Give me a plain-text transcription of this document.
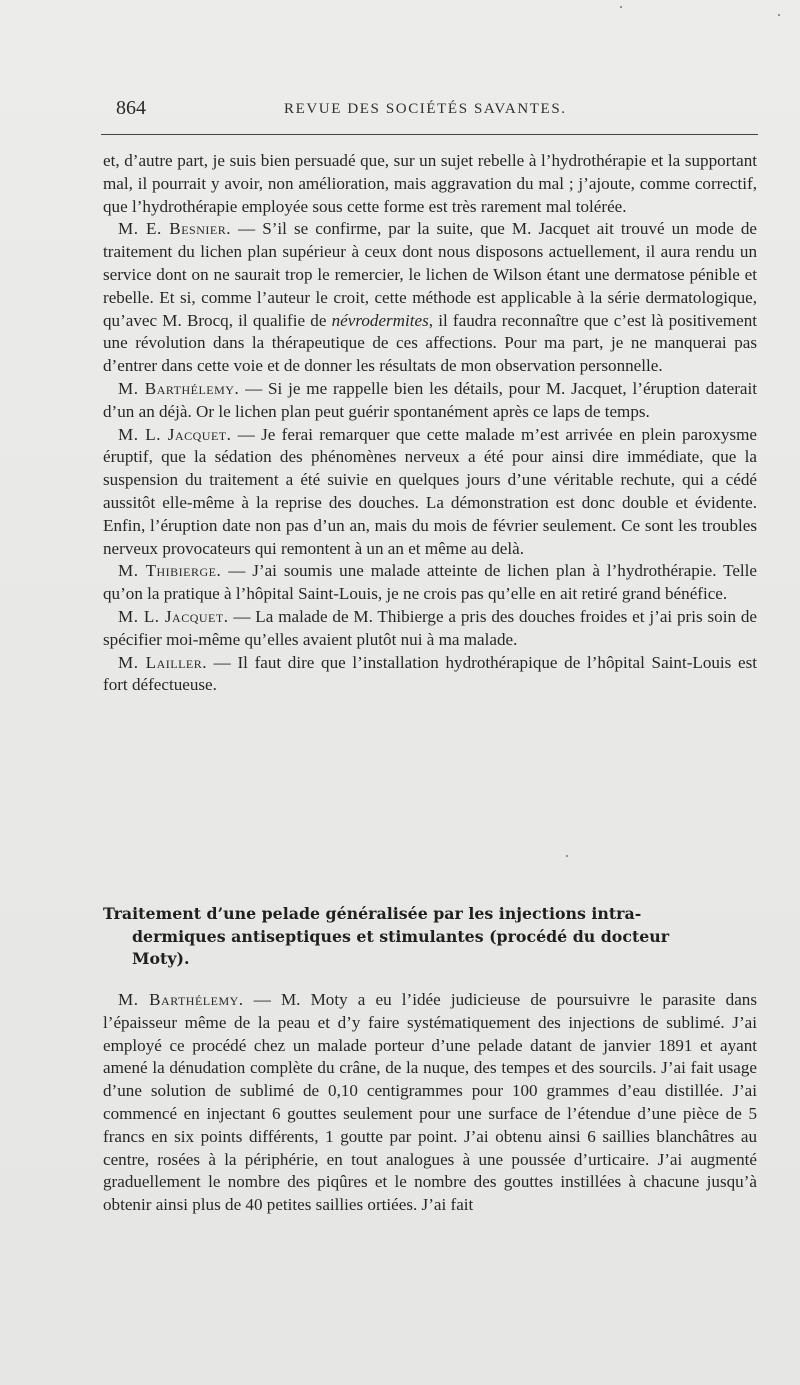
864	REVUE DES SOCIÉTÉS SAVANTES.

et, d’autre part, je suis bien persuadé que, sur un sujet rebelle à l’hydrothérapie et la supportant mal, il pourrait y avoir, non amélioration, mais aggravation du mal ; j’ajoute, comme correctif, que l’hydrothérapie employée sous cette forme est très rarement mal tolérée.

M. E. Besnier. — S’il se confirme, par la suite, que M. Jacquet ait trouvé un mode de traitement du lichen plan supérieur à ceux dont nous disposons actuellement, il aura rendu un service dont on ne saurait trop le remercier, le lichen de Wilson étant une dermatose pénible et rebelle. Et si, comme l’auteur le croit, cette méthode est applicable à la série dermatologique, qu’avec M. Brocq, il qualifie de névrodermites, il faudra reconnaître que c’est là positivement une révolution dans la thérapeutique de ces affections. Pour ma part, je ne manquerai pas d’entrer dans cette voie et de donner les résultats de mon observation personnelle.

M. Barthélemy. — Si je me rappelle bien les détails, pour M. Jacquet, l’éruption daterait d’un an déjà. Or le lichen plan peut guérir spontanément après ce laps de temps.

M. L. Jacquet. — Je ferai remarquer que cette malade m’est arrivée en plein paroxysme éruptif, que la sédation des phénomènes nerveux a été pour ainsi dire immédiate, que la suspension du traitement a été suivie en quelques jours d’une véritable rechute, qui a cédé aussitôt elle-même à la reprise des douches. La démonstration est donc double et évidente. Enfin, l’éruption date non pas d’un an, mais du mois de février seulement. Ce sont les troubles nerveux provocateurs qui remontent à un an et même au delà.

M. Thibierge. — J’ai soumis une malade atteinte de lichen plan à l’hydrothérapie. Telle qu’on la pratique à l’hôpital Saint-Louis, je ne crois pas qu’elle en ait retiré grand bénéfice.

M. L. Jacquet. — La malade de M. Thibierge a pris des douches froides et j’ai pris soin de spécifier moi-même qu’elles avaient plutôt nui à ma malade.

M. Lailler. — Il faut dire que l’installation hydrothérapique de l’hôpital Saint-Louis est fort défectueuse.

Traitement d’une pelade généralisée par les injections intra-
dermiques antiseptiques et stimulantes (procédé du docteur
Moty).

M. Barthélemy. — M. Moty a eu l’idée judicieuse de poursuivre le parasite dans l’épaisseur même de la peau et d’y faire systématiquement des injections de sublimé. J’ai employé ce procédé chez un malade porteur d’une pelade datant de janvier 1891 et ayant amené la dénudation complète du crâne, de la nuque, des tempes et des sourcils. J’ai fait usage d’une solution de sublimé de 0,10 centigrammes pour 100 grammes d’eau distillée. J’ai commencé en injectant 6 gouttes seulement pour une surface de l’étendue d’une pièce de 5 francs en six points différents, 1 goutte par point. J’ai obtenu ainsi 6 saillies blanchâtres au centre, rosées à la périphérie, en tout analogues à une poussée d’urticaire. J’ai augmenté graduellement le nombre des piqûres et le nombre des gouttes instillées à chacune jusqu’à obtenir ainsi plus de 40 petites saillies ortiées. J’ai fait
